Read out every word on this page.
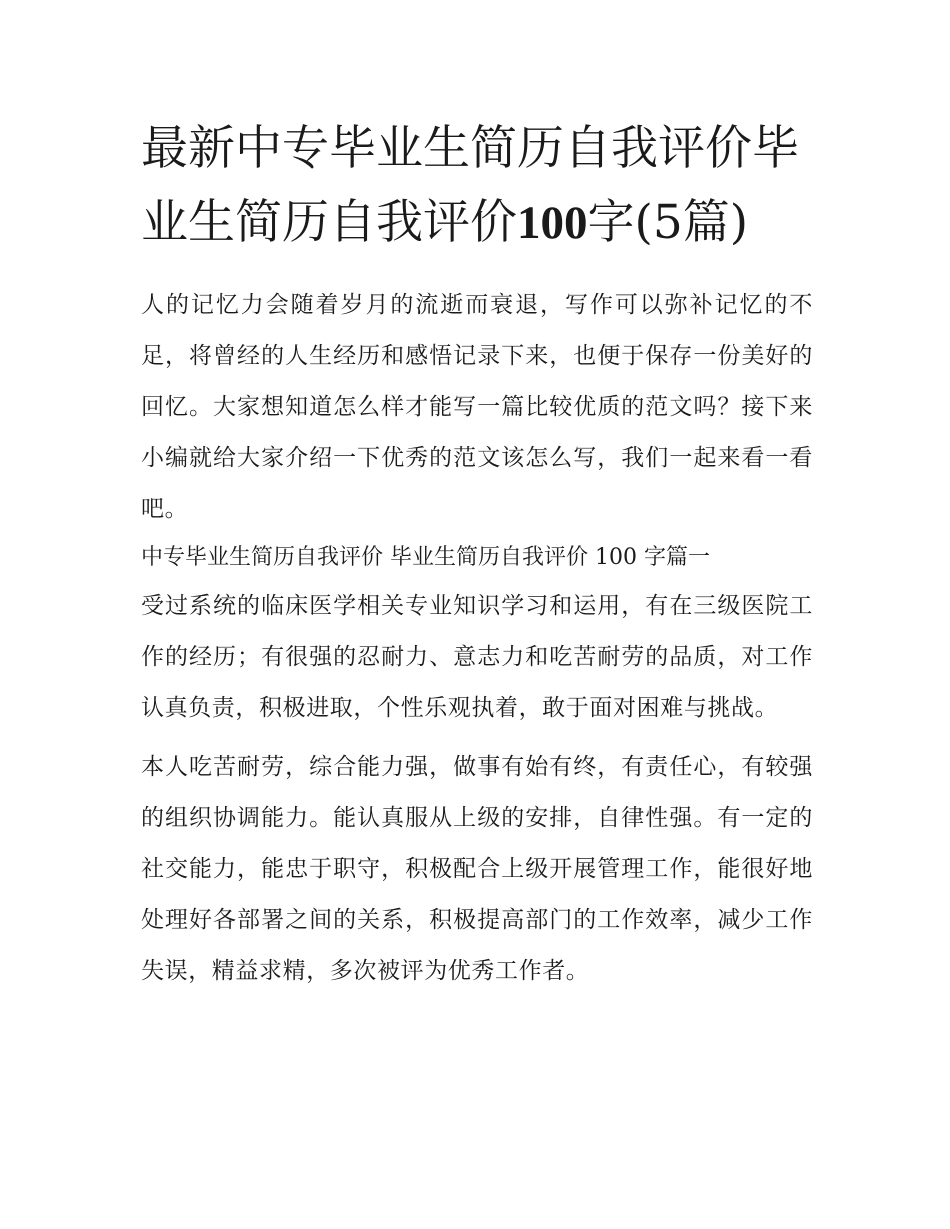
最新中专毕业生简历自我评价毕业生简历自我评价100字(5篇)

人的记忆力会随着岁月的流逝而衰退，写作可以弥补记忆的不足，将曾经的人生经历和感悟记录下来，也便于保存一份美好的回忆。大家想知道怎么样才能写一篇比较优质的范文吗？接下来小编就给大家介绍一下优秀的范文该怎么写，我们一起来看一看吧。

中专毕业生简历自我评价 毕业生简历自我评价 100 字篇一

受过系统的临床医学相关专业知识学习和运用，有在三级医院工作的经历；有很强的忍耐力、意志力和吃苦耐劳的品质，对工作认真负责，积极进取，个性乐观执着，敢于面对困难与挑战。

本人吃苦耐劳，综合能力强，做事有始有终，有责任心，有较强的组织协调能力。能认真服从上级的安排，自律性强。有一定的社交能力，能忠于职守，积极配合上级开展管理工作，能很好地处理好各部署之间的关系，积极提高部门的工作效率，减少工作失误，精益求精，多次被评为优秀工作者。
